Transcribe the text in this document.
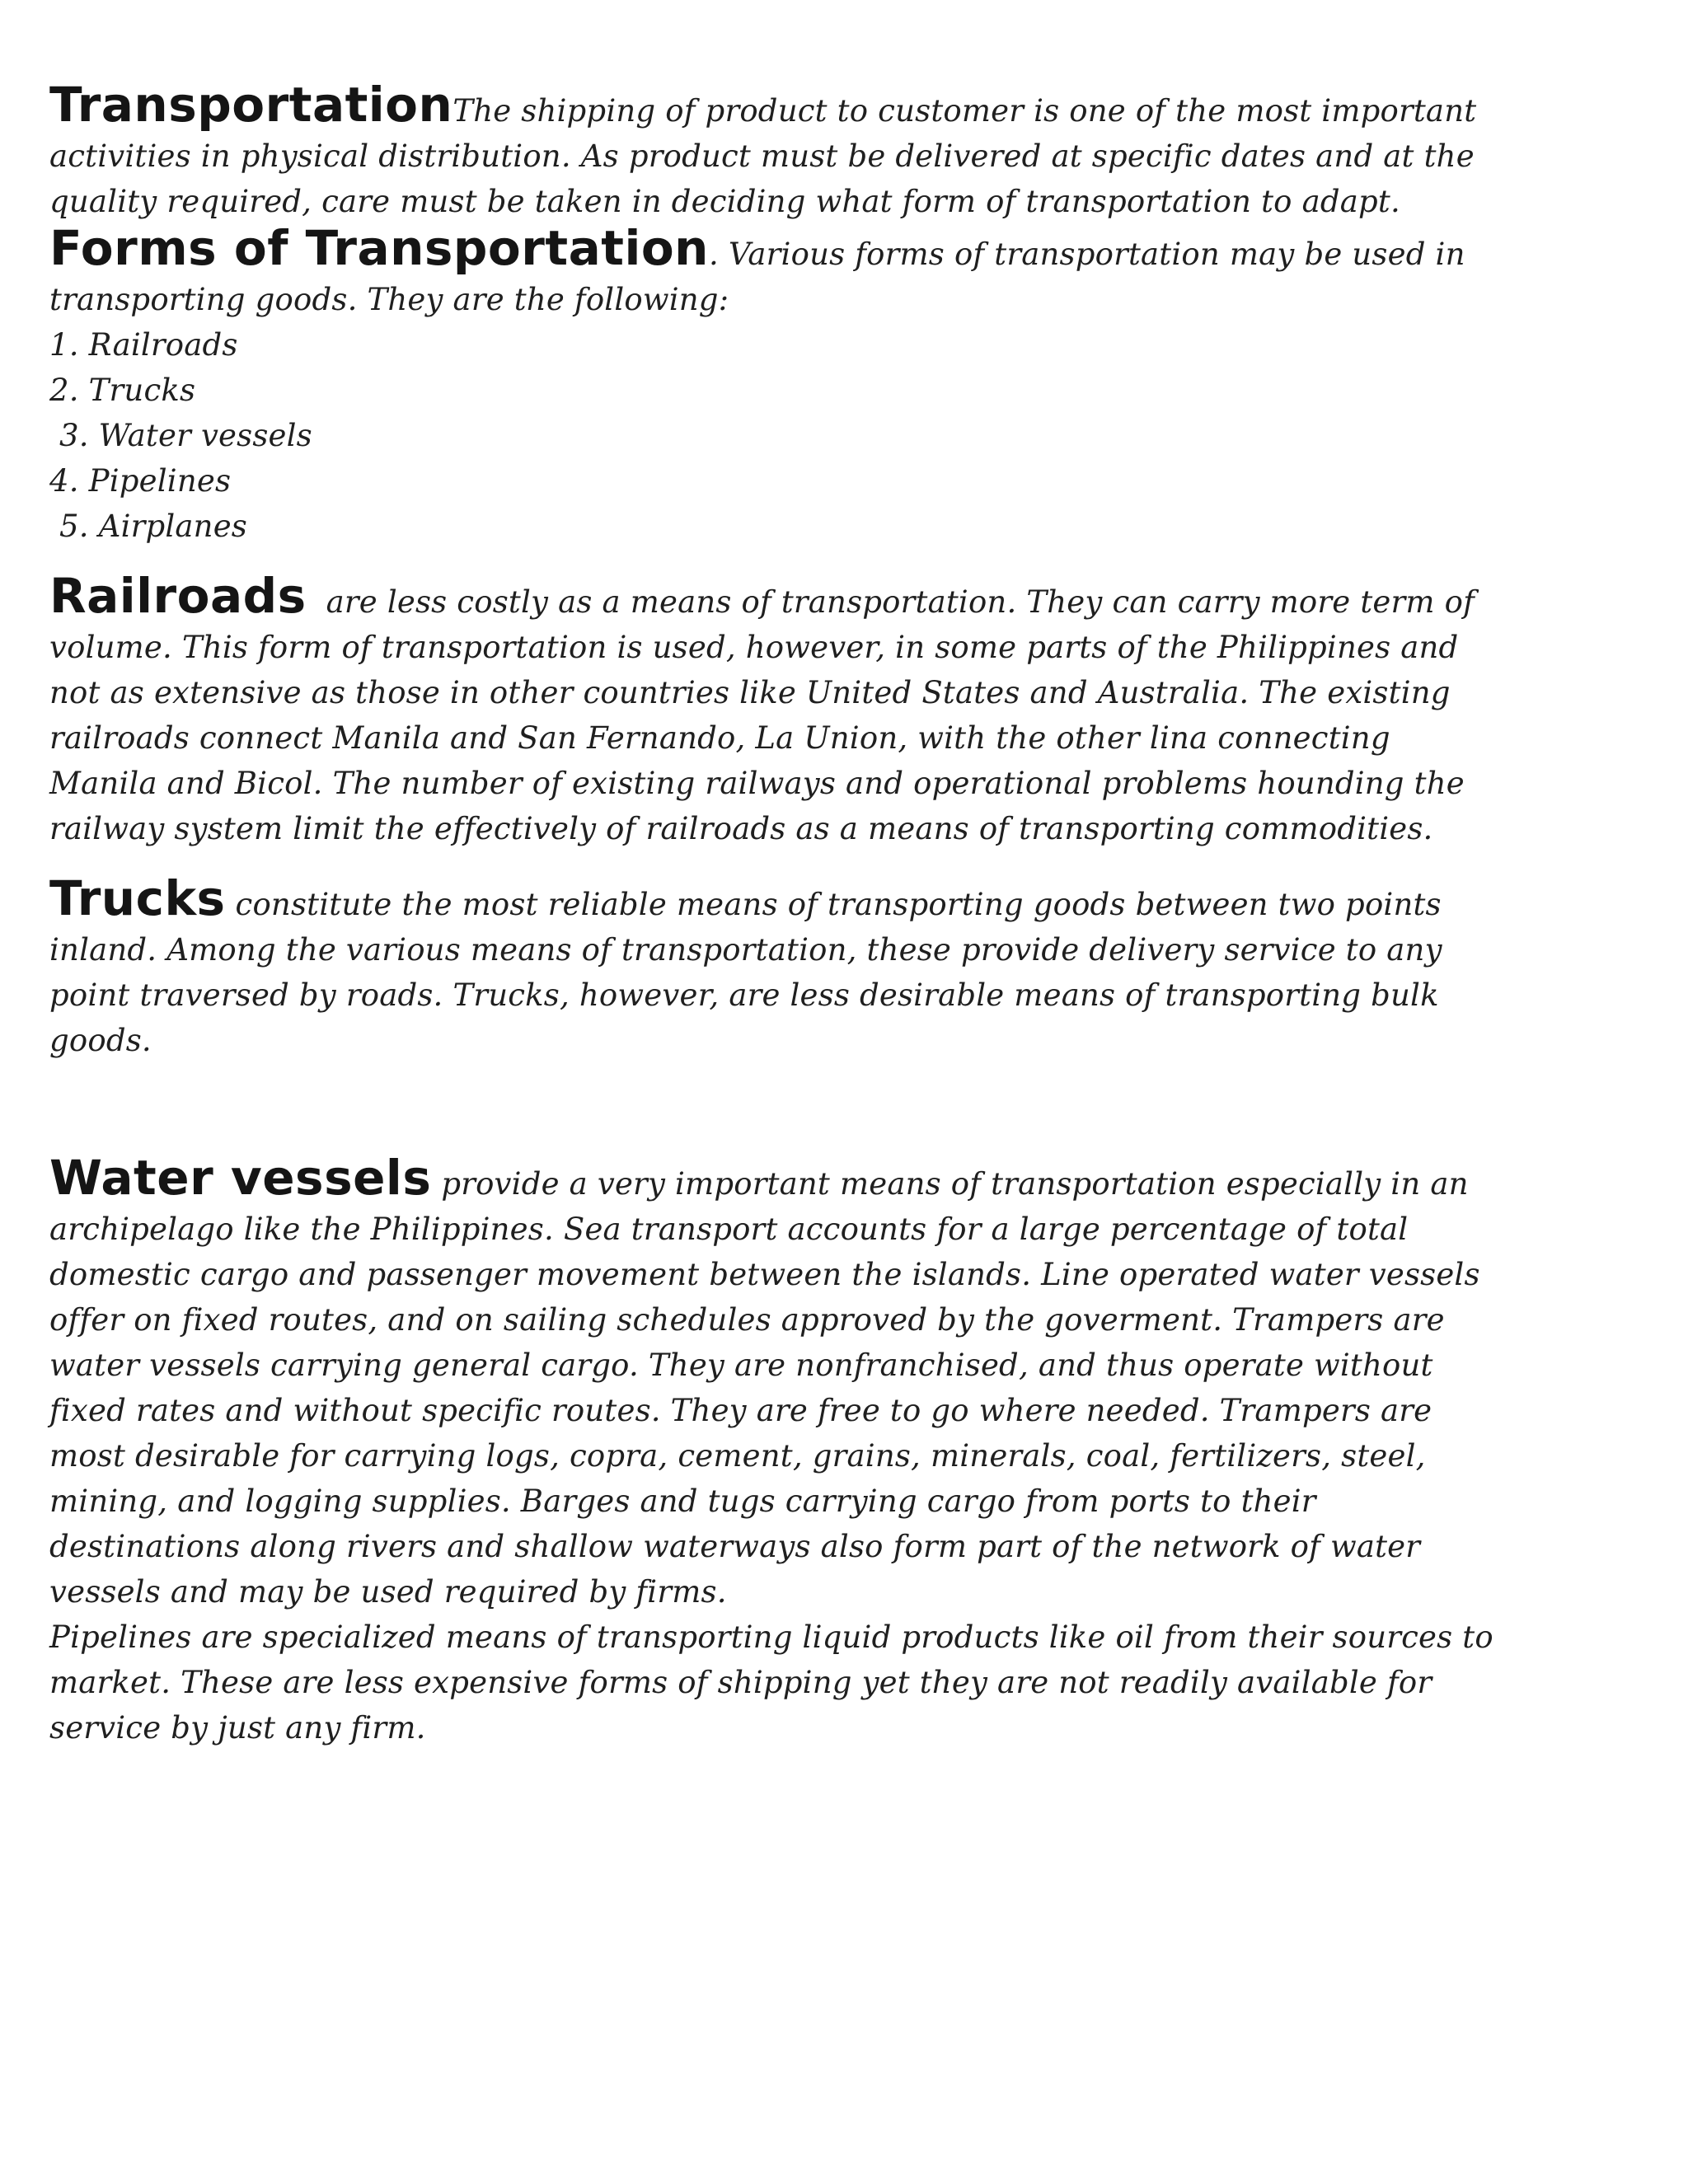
TransportationThe shipping of product to customer is one of the most important activities in physical distribution. As product must be delivered at specific dates and at the quality required, care must be taken in deciding what form of transportation to adapt.

Forms of Transportation. Various forms of transportation may be used in transporting goods. They are the following:

1. Railroads
2. Trucks
3. Water vessels
4. Pipelines
5. Airplanes

Railroads are less costly as a means of transportation. They can carry more term of volume. This form of transportation is used, however, in some parts of the Philippines and not as extensive as those in other countries like United States and Australia. The existing railroads connect Manila and San Fernando, La Union, with the other lina connecting Manila and Bicol. The number of existing railways and operational problems hounding the railway system limit the effectively of railroads as a means of transporting commodities.

Trucks constitute the most reliable means of transporting goods between two points inland. Among the various means of transportation, these provide delivery service to any point traversed by roads. Trucks, however, are less desirable means of transporting bulk goods.

Water vessels provide a very important means of transportation especially in an archipelago like the Philippines. Sea transport accounts for a large percentage of total domestic cargo and passenger movement between the islands. Line operated water vessels offer on fixed routes, and on sailing schedules approved by the goverment. Trampers are water vessels carrying general cargo. They are nonfranchised, and thus operate without fixed rates and without specific routes. They are free to go where needed. Trampers are most desirable for carrying logs, copra, cement, grains, minerals, coal, fertilizers, steel, mining, and logging supplies. Barges and tugs carrying cargo from ports to their destinations along rivers and shallow waterways also form part of the network of water vessels and may be used required by firms.

Pipelines are specialized means of transporting liquid products like oil from their sources to market. These are less expensive forms of shipping yet they are not readily available for service by just any firm.
